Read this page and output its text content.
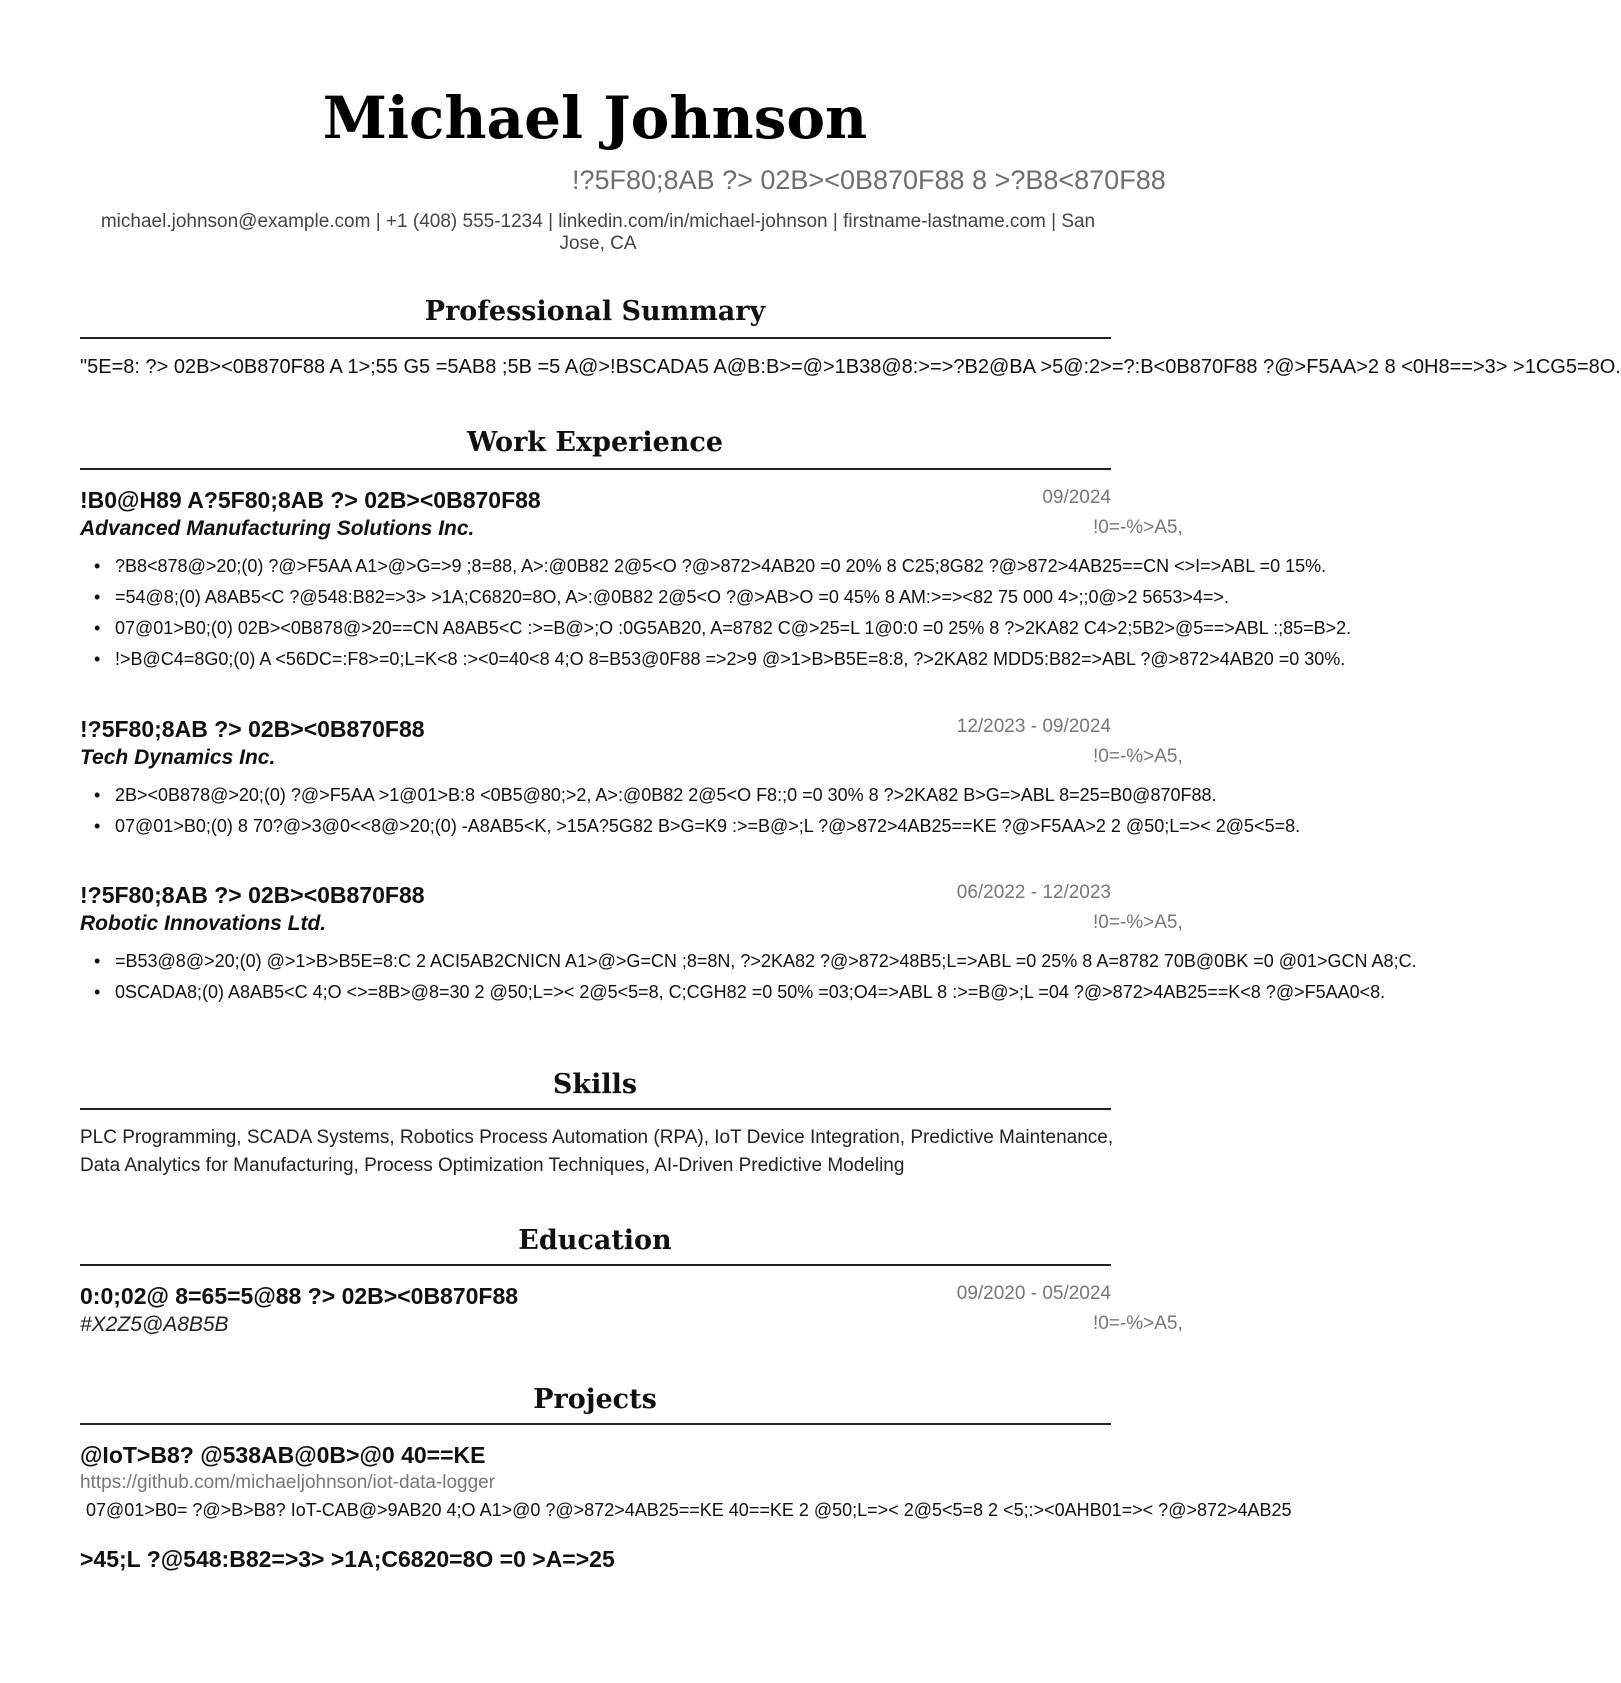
Michael Johnson
!?5F80;8AB ?> 02B><0B870F88 8 >?B8<870F88
michael.johnson@example.com | +1 (408) 555-1234 | linkedin.com/in/michael-johnson | firstname-lastname.com | San Jose, CA
Professional Summary
"5E=8: ?> 02B><0B870F88 A 1>;55 G5 =5AB8 ;5B =5 A@>!BSCADA5 A@B:B>=@>1B38@8:>=>?B2@BA >5@:2>=?:B<0B870F88 ?@>F5AA>2 8 <0H8==>3> >1CG5=8O.
Work Experience
!B0@H89 A?5F80;8AB ?> 02B><0B870F88	09/2024
Advanced Manufacturing Solutions Inc.	!0=-%>A5,
• ?B8<878@>20;(0) ?@>F5AA A1>@>G=>9 ;8=88, A>:@0B82 2@5<O ?@>872>4AB20 =0 20% 8 C25;8G82 ?@>872>4AB25==CN <>I=>ABL =0 15%.
• =54@8;(0) A8AB5<C ?@548:B82=>3> >1A;C6820=8O, A>:@0B82 2@5<O ?@>AB>O =0 45% 8 AM:>=><82 75 000 4>;;0@>2 5653>4=>.
• 07@01>B0;(0) 02B><0B878@>20==CN A8AB5<C :>=B@>;O :0G5AB20, A=8782 C@>25=L 1@0:0 =0 25% 8 ?>2KA82 C4>2;5B2>@5==>ABL :;85=B>2.
• !>B@C4=8G0;(0) A <56DC=:F8>=0;L=K<8 :><0=40<8 4;O 8=B53@0F88 =>2>9 @>1>B>B5E=8:8, ?>2KA82 MDD5:B82=>ABL ?@>872>4AB20 =0 30%.
!?5F80;8AB ?> 02B><0B870F88	12/2023 - 09/2024
Tech Dynamics Inc.	!0=-%>A5,
• 2B><0B878@>20;(0) ?@>F5AA >1@01>B:8 <0B5@80;>2, A>:@0B82 2@5<O F8:;0 =0 30% 8 ?>2KA82 B>G=>ABL 8=25=B0@870F88.
• 07@01>B0;(0) 8 70?@>3@0<<8@>20;(0) -A8AB5<K, >15A?5G82 B>G=K9 :>=B@>;L ?@>872>4AB25==KE ?@>F5AA>2 2 @50;L=>< 2@5<5=8.
!?5F80;8AB ?> 02B><0B870F88	06/2022 - 12/2023
Robotic Innovations Ltd.	!0=-%>A5,
• =B53@8@>20;(0) @>1>B>B5E=8:C 2 ACI5AB2CNICN A1>@>G=CN ;8=8N, ?>2KA82 ?@>872>48B5;L=>ABL =0 25% 8 A=8782 70B@0BK =0 @01>GCN A8;C.
• 0SCADA8;(0) A8AB5<C 4;O <>=8B>@8=30 2 @50;L=>< 2@5<5=8, C;CGH82 =0 50% =03;O4=>ABL 8 :>=B@>;L =04 ?@>872>4AB25==K<8 ?@>F5AA0<8.
Skills
PLC Programming, SCADA Systems, Robotics Process Automation (RPA), IoT Device Integration, Predictive Maintenance, Data Analytics for Manufacturing, Process Optimization Techniques, AI-Driven Predictive Modeling
Education
0:0;02@ 8=65=5@88 ?> 02B><0B870F88	09/2020 - 05/2024
#X2Z5@A8B5B	!0=-%>A5,
Projects
@IoT>B8? @538AB@0B>@0 40==KE
https://github.com/michaeljohnson/iot-data-logger
07@01>B0= ?@>B>B8? IoT-CAB@>9AB20 4;O A1>@0 ?@>872>4AB25==KE 40==KE 2 @50;L=>< 2@5<5=8 2 <5;:><0AHB01=>< ?@>872>4AB25
>45;L ?@548:B82=>3> >1A;C6820=8O =0 >A=>25
